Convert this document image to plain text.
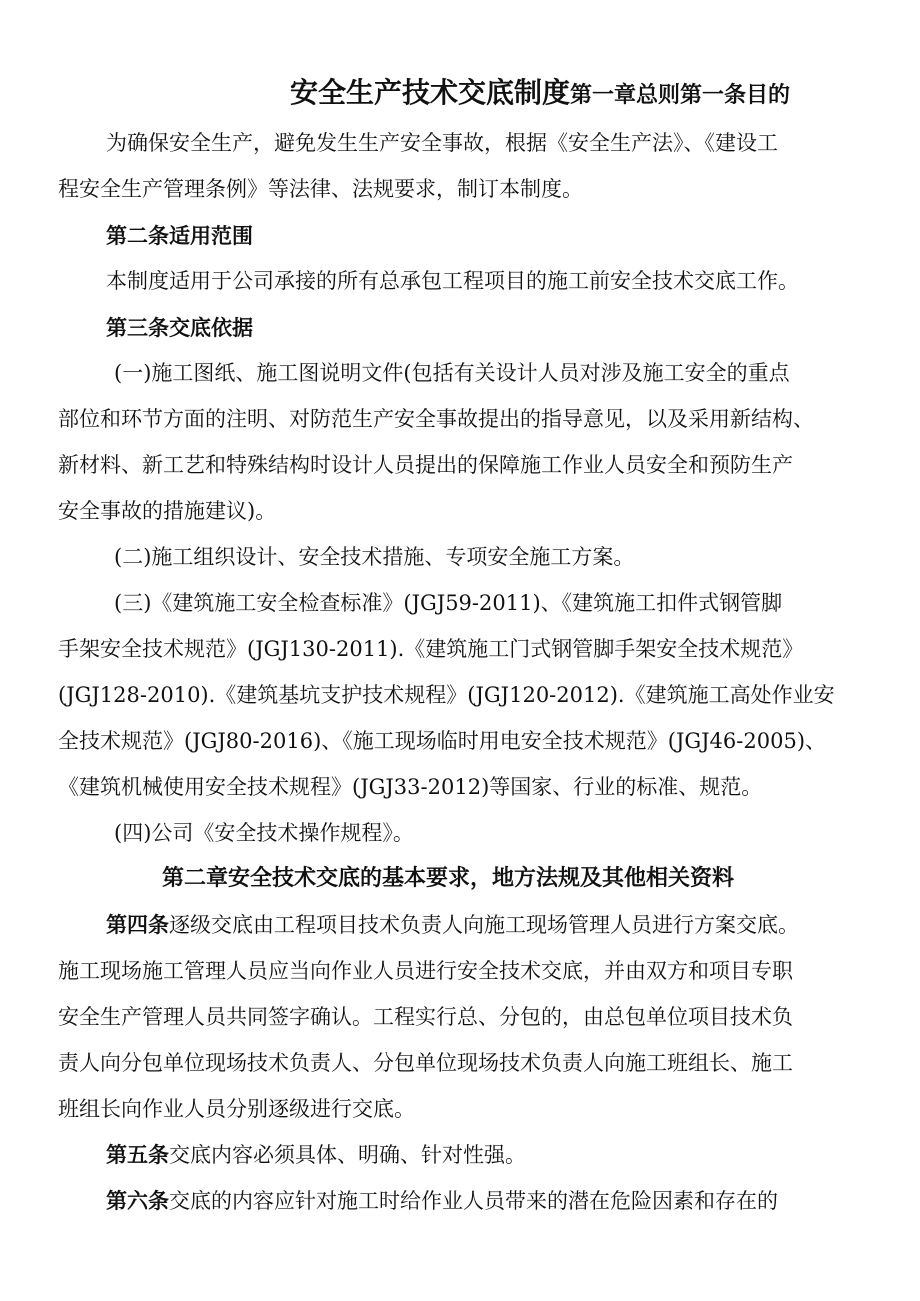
安全生产技术交底制度第一章总则第一条目的
为确保安全生产，避免发生生产安全事故，根据《安全生产法》、《建设工
程安全生产管理条例》等法律、法规要求，制订本制度。
第二条适用范围
本制度适用于公司承接的所有总承包工程项目的施工前安全技术交底工作。
第三条交底依据
(一)施工图纸、施工图说明文件(包括有关设计人员对涉及施工安全的重点
部位和环节方面的注明、对防范生产安全事故提出的指导意见，以及采用新结构、
新材料、新工艺和特殊结构时设计人员提出的保障施工作业人员安全和预防生产
安全事故的措施建议)。
(二)施工组织设计、安全技术措施、专项安全施工方案。
(三)《建筑施工安全检查标准》(JGJ59-2011)、《建筑施工扣件式钢管脚
手架安全技术规范》(JGJ130-2011).《建筑施工门式钢管脚手架安全技术规范》
(JGJ128-2010).《建筑基坑支护技术规程》(JGJ120-2012).《建筑施工高处作业安
全技术规范》(JGJ80-2016)、《施工现场临时用电安全技术规范》(JGJ46-2005)、
《建筑机械使用安全技术规程》(JGJ33-2012)等国家、行业的标准、规范。
(四)公司《安全技术操作规程》。
第二章安全技术交底的基本要求，地方法规及其他相关资料
第四条逐级交底由工程项目技术负责人向施工现场管理人员进行方案交底。
施工现场施工管理人员应当向作业人员进行安全技术交底，并由双方和项目专职
安全生产管理人员共同签字确认。工程实行总、分包的，由总包单位项目技术负
责人向分包单位现场技术负责人、分包单位现场技术负责人向施工班组长、施工
班组长向作业人员分别逐级进行交底。
第五条交底内容必须具体、明确、针对性强。
第六条交底的内容应针对施工时给作业人员带来的潜在危险因素和存在的
